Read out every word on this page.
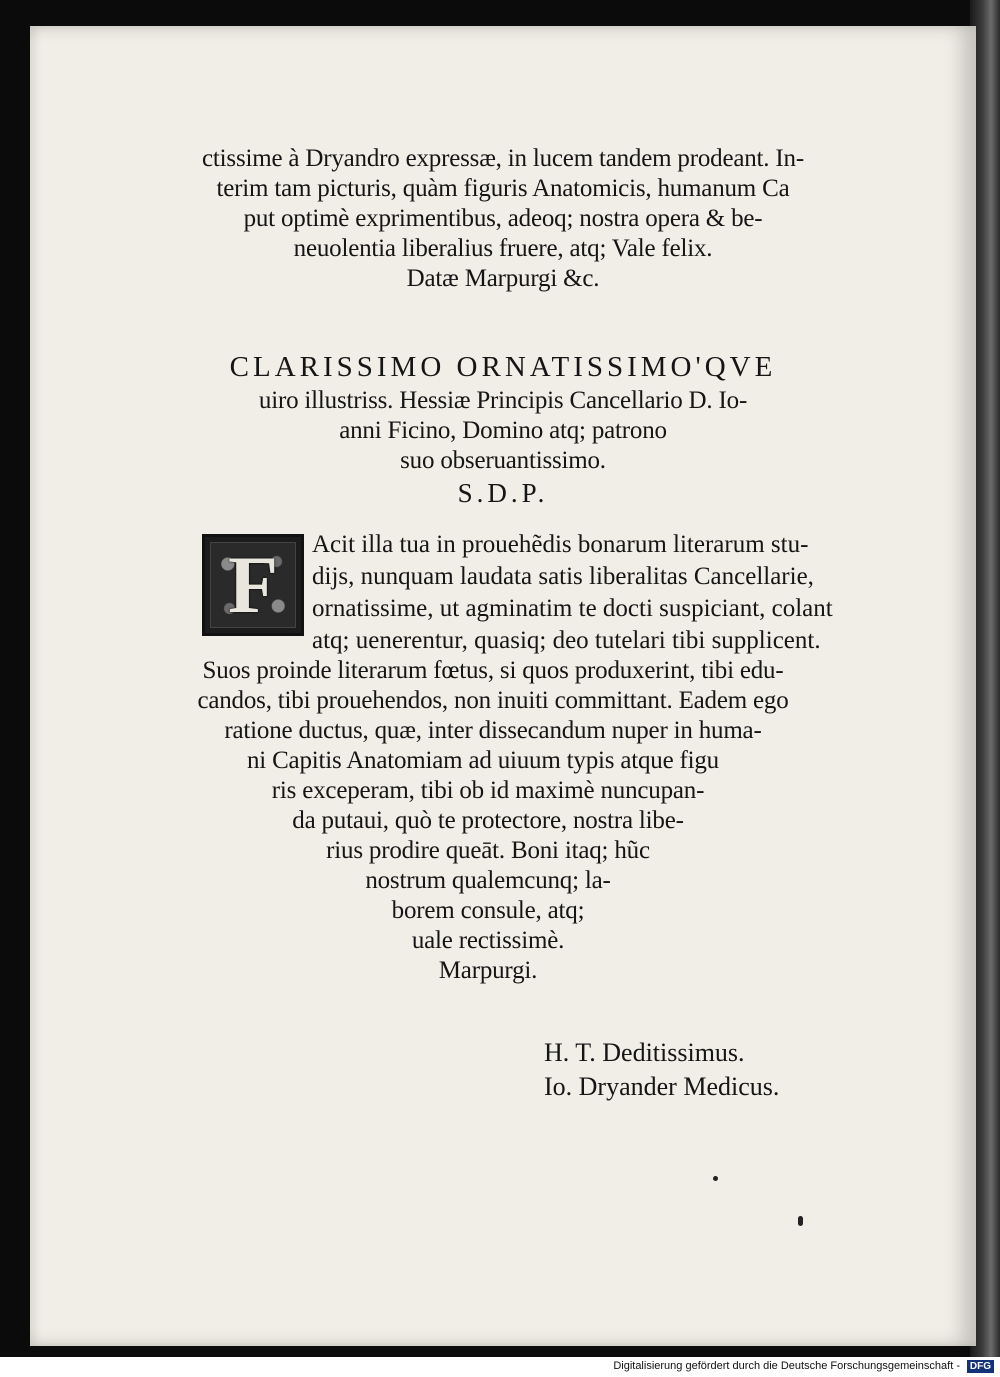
ctissime à Dryandro expressæ, in lucem tandem prodeant. In-
terim tam picturis, quàm figuris Anatomicis, humanum Ca
put optimè exprimentibus, adeoq; nostra opera & be-
neuolentia liberalius fruere, atq; Vale felix.
Datæ Marpurgi &c.
CLARISSIMO ORNATISSIMO'QVE
uiro illustriss. Hessiæ Principis Cancellario D. Io-
anni Ficino, Domino atq; patrono
suo obseruantissimo.
S.D.P.
F	Acit illa tua in prouehẽdis bonarum literarum stu-
dijs, nunquam laudata satis liberalitas Cancellarie,
ornatissime, ut agminatim te docti suspiciant, colant
atq; uenerentur, quasiq; deo tutelari tibi supplicent.
Suos proinde literarum fœtus, si quos produxerint, tibi edu-
candos, tibi prouehendos, non inuiti committant. Eadem ego
ratione ductus, quæ, inter dissecandum nuper in huma-
ni Capitis Anatomiam ad uiuum typis atque figu
ris exceperam, tibi ob id maximè nuncupan-
da putaui, quò te protectore, nostra libe-
rius prodire queāt. Boni itaq; hũc
nostrum qualemcunq; la-
borem consule, atq;
uale rectissimè.
Marpurgi.
H. T. Deditissimus.
Io. Dryander Medicus.
Digitalisierung gefördert durch die Deutsche Forschungsgemeinschaft - DFG
